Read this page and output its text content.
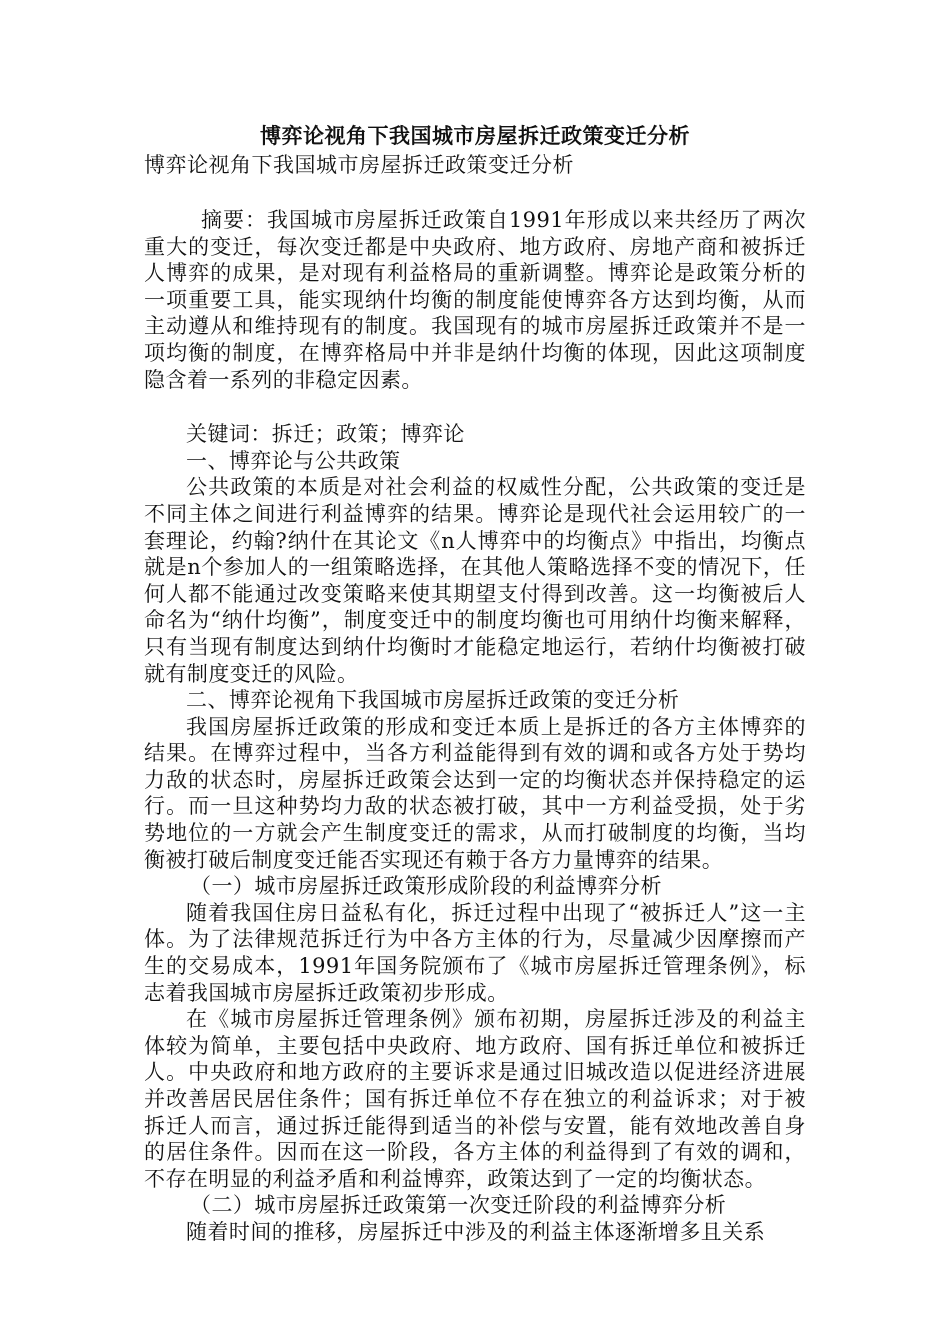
博弈论视角下我国城市房屋拆迁政策变迁分析
博弈论视角下我国城市房屋拆迁政策变迁分析

摘要：我国城市房屋拆迁政策自1991年形成以来共经历了两次重大的变迁，每次变迁都是中央政府、地方政府、房地产商和被拆迁人博弈的成果，是对现有利益格局的重新调整。博弈论是政策分析的一项重要工具，能实现纳什均衡的制度能使博弈各方达到均衡，从而主动遵从和维持现有的制度。我国现有的城市房屋拆迁政策并不是一项均衡的制度，在博弈格局中并非是纳什均衡的体现，因此这项制度隐含着一系列的非稳定因素。

关键词：拆迁；政策；博弈论

一、博弈论与公共政策

公共政策的本质是对社会利益的权威性分配，公共政策的变迁是不同主体之间进行利益博弈的结果。博弈论是现代社会运用较广的一套理论，约翰?纳什在其论文《n人博弈中的均衡点》中指出，均衡点就是n个参加人的一组策略选择，在其他人策略选择不变的情况下，任何人都不能通过改变策略来使其期望支付得到改善。这一均衡被后人命名为“纳什均衡”，制度变迁中的制度均衡也可用纳什均衡来解释，只有当现有制度达到纳什均衡时才能稳定地运行，若纳什均衡被打破就有制度变迁的风险。

二、博弈论视角下我国城市房屋拆迁政策的变迁分析

我国房屋拆迁政策的形成和变迁本质上是拆迁的各方主体博弈的结果。在博弈过程中，当各方利益能得到有效的调和或各方处于势均力敌的状态时，房屋拆迁政策会达到一定的均衡状态并保持稳定的运行。而一旦这种势均力敌的状态被打破，其中一方利益受损，处于劣势地位的一方就会产生制度变迁的需求，从而打破制度的均衡，当均衡被打破后制度变迁能否实现还有赖于各方力量博弈的结果。

（一）城市房屋拆迁政策形成阶段的利益博弈分析

随着我国住房日益私有化，拆迁过程中出现了“被拆迁人”这一主体。为了法律规范拆迁行为中各方主体的行为，尽量减少因摩擦而产生的交易成本，1991年国务院颁布了《城市房屋拆迁管理条例》，标志着我国城市房屋拆迁政策初步形成。

在《城市房屋拆迁管理条例》颁布初期，房屋拆迁涉及的利益主体较为简单，主要包括中央政府、地方政府、国有拆迁单位和被拆迁人。中央政府和地方政府的主要诉求是通过旧城改造以促进经济进展并改善居民居住条件；国有拆迁单位不存在独立的利益诉求；对于被拆迁人而言，通过拆迁能得到适当的补偿与安置，能有效地改善自身的居住条件。因而在这一阶段，各方主体的利益得到了有效的调和，不存在明显的利益矛盾和利益博弈，政策达到了一定的均衡状态。

（二）城市房屋拆迁政策第一次变迁阶段的利益博弈分析

随着时间的推移，房屋拆迁中涉及的利益主体逐渐增多且关系
